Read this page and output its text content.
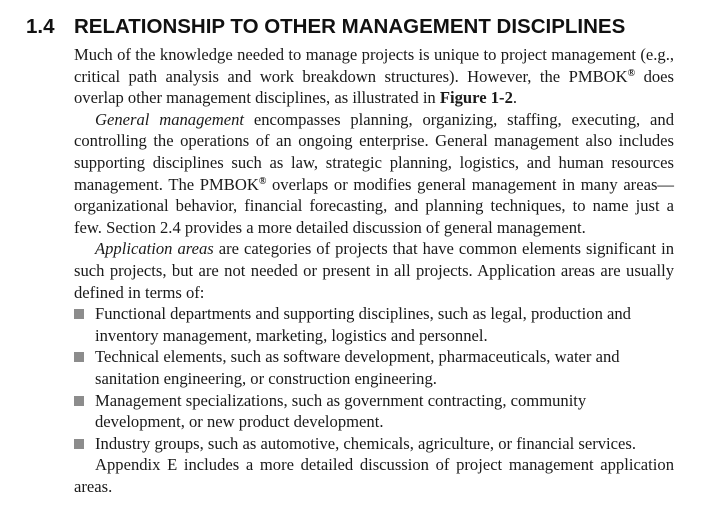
1.4 RELATIONSHIP TO OTHER MANAGEMENT DISCIPLINES

Much of the knowledge needed to manage projects is unique to project management (e.g., critical path analysis and work breakdown structures). However, the PMBOK® does overlap other management disciplines, as illustrated in Figure 1-2.

General management encompasses planning, organizing, staffing, executing, and controlling the operations of an ongoing enterprise. General management also includes supporting disciplines such as law, strategic planning, logistics, and human resources management. The PMBOK® overlaps or modifies general management in many areas—organizational behavior, financial forecasting, and planning techniques, to name just a few. Section 2.4 provides a more detailed discussion of general management.

Application areas are categories of projects that have common elements significant in such projects, but are not needed or present in all projects. Application areas are usually defined in terms of:

Functional departments and supporting disciplines, such as legal, production and inventory management, marketing, logistics and personnel.
Technical elements, such as software development, pharmaceuticals, water and sanitation engineering, or construction engineering.
Management specializations, such as government contracting, community development, or new product development.
Industry groups, such as automotive, chemicals, agriculture, or financial services.

Appendix E includes a more detailed discussion of project management application areas.
